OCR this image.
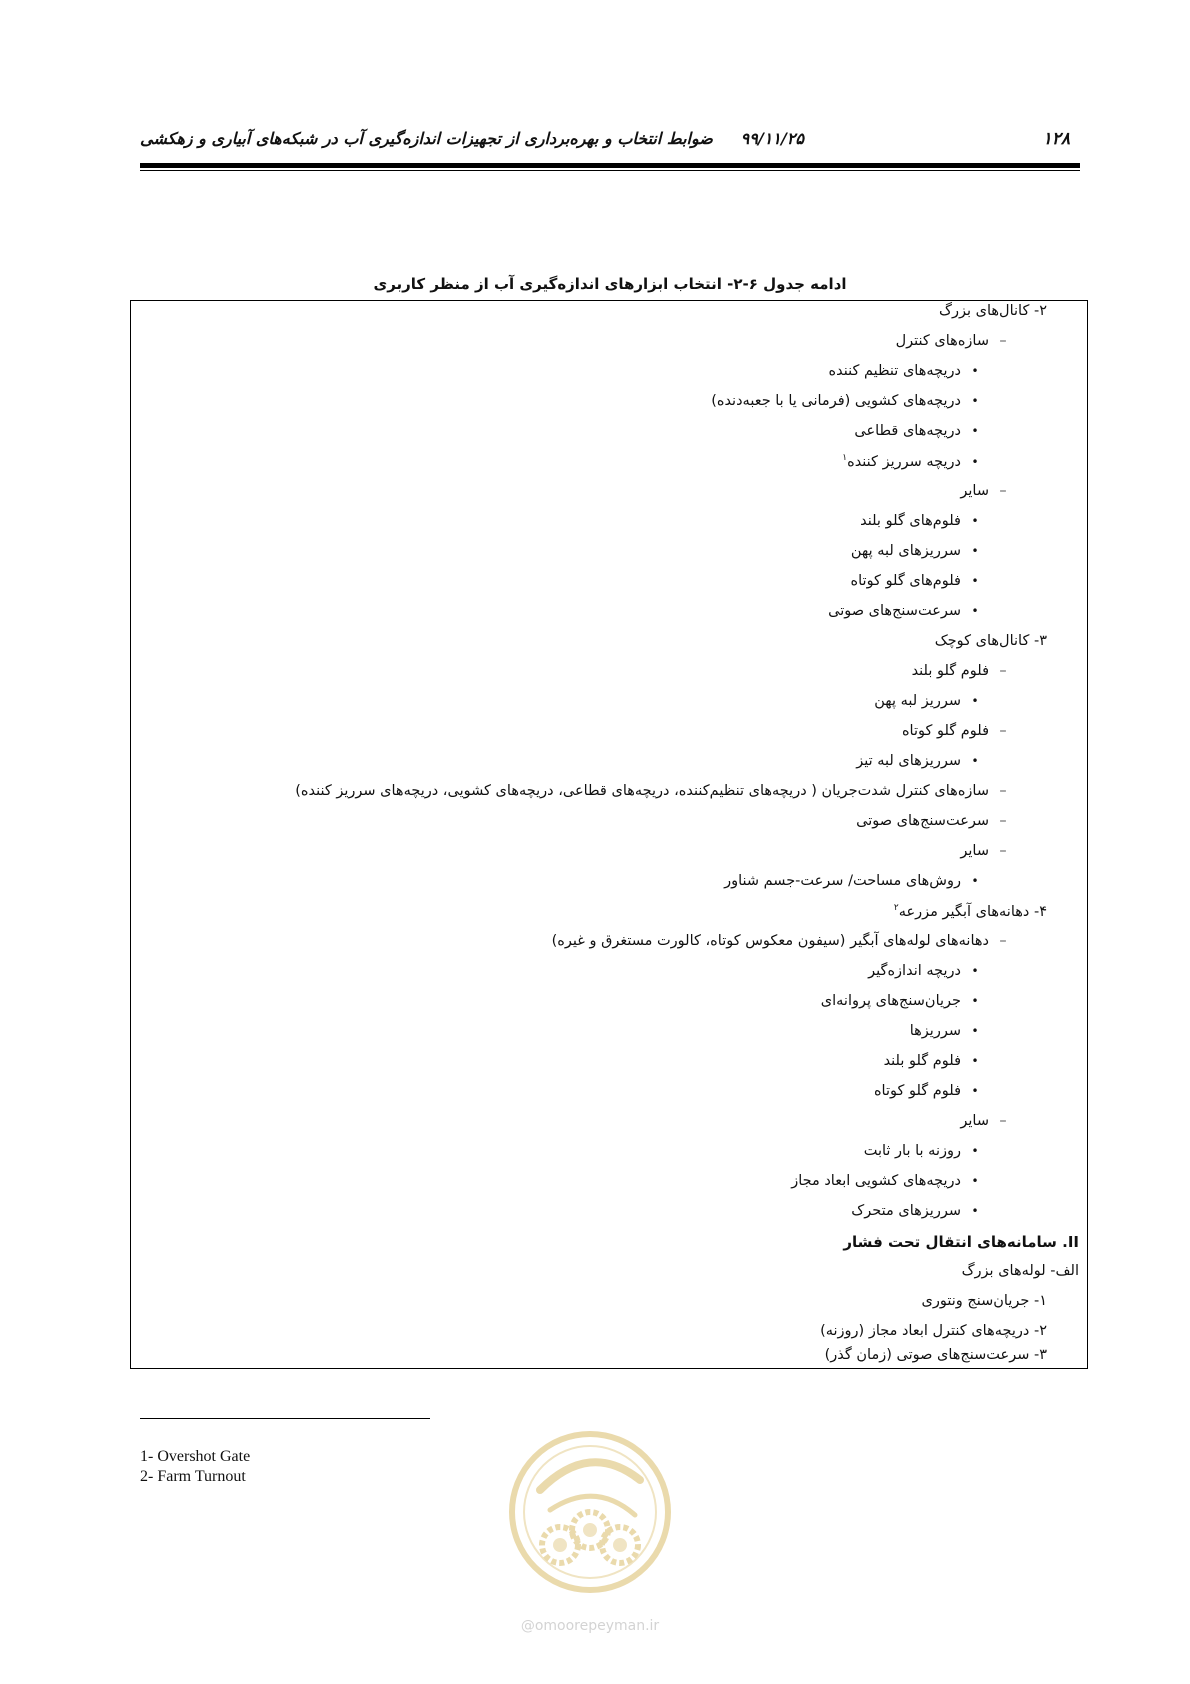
۱۲۸
۹۹/۱۱/۲۵     ضوابط انتخاب و بهره‌برداری از تجهیزات اندازه‌گیری آب در شبکه‌های آبیاری و زهکشی
ادامه جدول ۶-۲- انتخاب ابزارهای اندازه‌گیری آب از منظر کاربری
۲- کانال‌های بزرگ
–سازه‌های کنترل
•دریچه‌های تنظیم کننده
•دریچه‌های کشویی (فرمانی یا با جعبه‌دنده)
•دریچه‌های قطاعی
•دریچه سرریز کننده$^۱$
–سایر
•فلوم‌های گلو بلند
•سرریزهای لبه پهن
•فلوم‌های گلو کوتاه
•سرعت‌سنج‌های صوتی
۳- کانال‌های کوچک
–فلوم گلو بلند
•سرریز لبه پهن
–فلوم گلو کوتاه
•سرریزهای لبه تیز
–سازه‌های کنترل شدت‌جریان ( دریچه‌های تنظیم‌کننده، دریچه‌های قطاعی، دریچه‌های کشویی، دریچه‌های سرریز کننده)
–سرعت‌سنج‌های صوتی
–سایر
•روش‌های مساحت/ سرعت-جسم شناور
۴- دهانه‌های آبگیر مزرعه$^۲$
–دهانه‌های لوله‌های آبگیر (سیفون معکوس کوتاه، کالورت مستغرق و غیره)
•دریچه اندازه‌گیر
•جریان‌سنج‌های پروانه‌ای
•سرریزها
•فلوم گلو بلند
•فلوم گلو کوتاه
–سایر
•روزنه با بار ثابت
•دریچه‌های کشویی ابعاد مجاز
•سرریزهای متحرک
II. سامانه‌های انتقال تحت فشار
الف- لوله‌های بزرگ
۱- جریان‌سنج ونتوری
۲- دریچه‌های کنترل ابعاد مجاز (روزنه)
۳- سرعت‌سنج‌های صوتی (زمان گذر)
1- Overshot Gate
2- Farm Turnout
@omoorepeyman.ir
